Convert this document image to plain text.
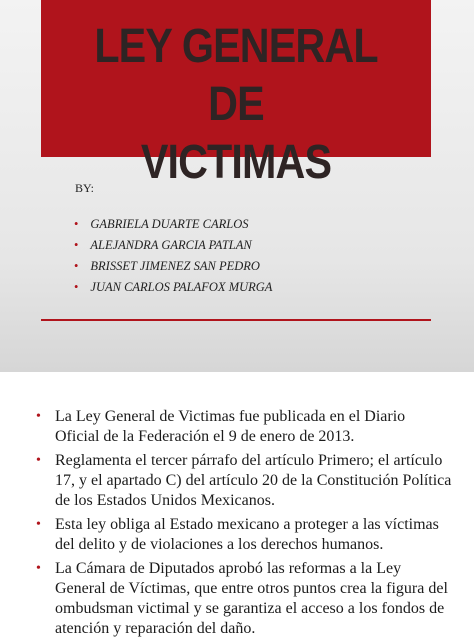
LEY GENERAL DE
VICTIMAS
BY:
• GABRIELA DUARTE CARLOS
• ALEJANDRA GARCIA PATLAN
• BRISSET JIMENEZ SAN PEDRO
• JUAN CARLOS PALAFOX MURGA
• La Ley General de Victimas fue publicada en el Diario Oficial de la Federación el 9 de enero de 2013.
• Reglamenta el tercer párrafo del artículo Primero; el artículo 17, y el apartado C) del artículo 20 de la Constitución Política de los Estados Unidos Mexicanos.
• Esta ley obliga al Estado mexicano a proteger a las víctimas del delito y de violaciones a los derechos humanos.
• La Cámara de Diputados aprobó las reformas a la Ley General de Víctimas, que entre otros puntos crea la figura del ombudsman victimal y se garantiza el acceso a los fondos de atención y reparación del daño.
